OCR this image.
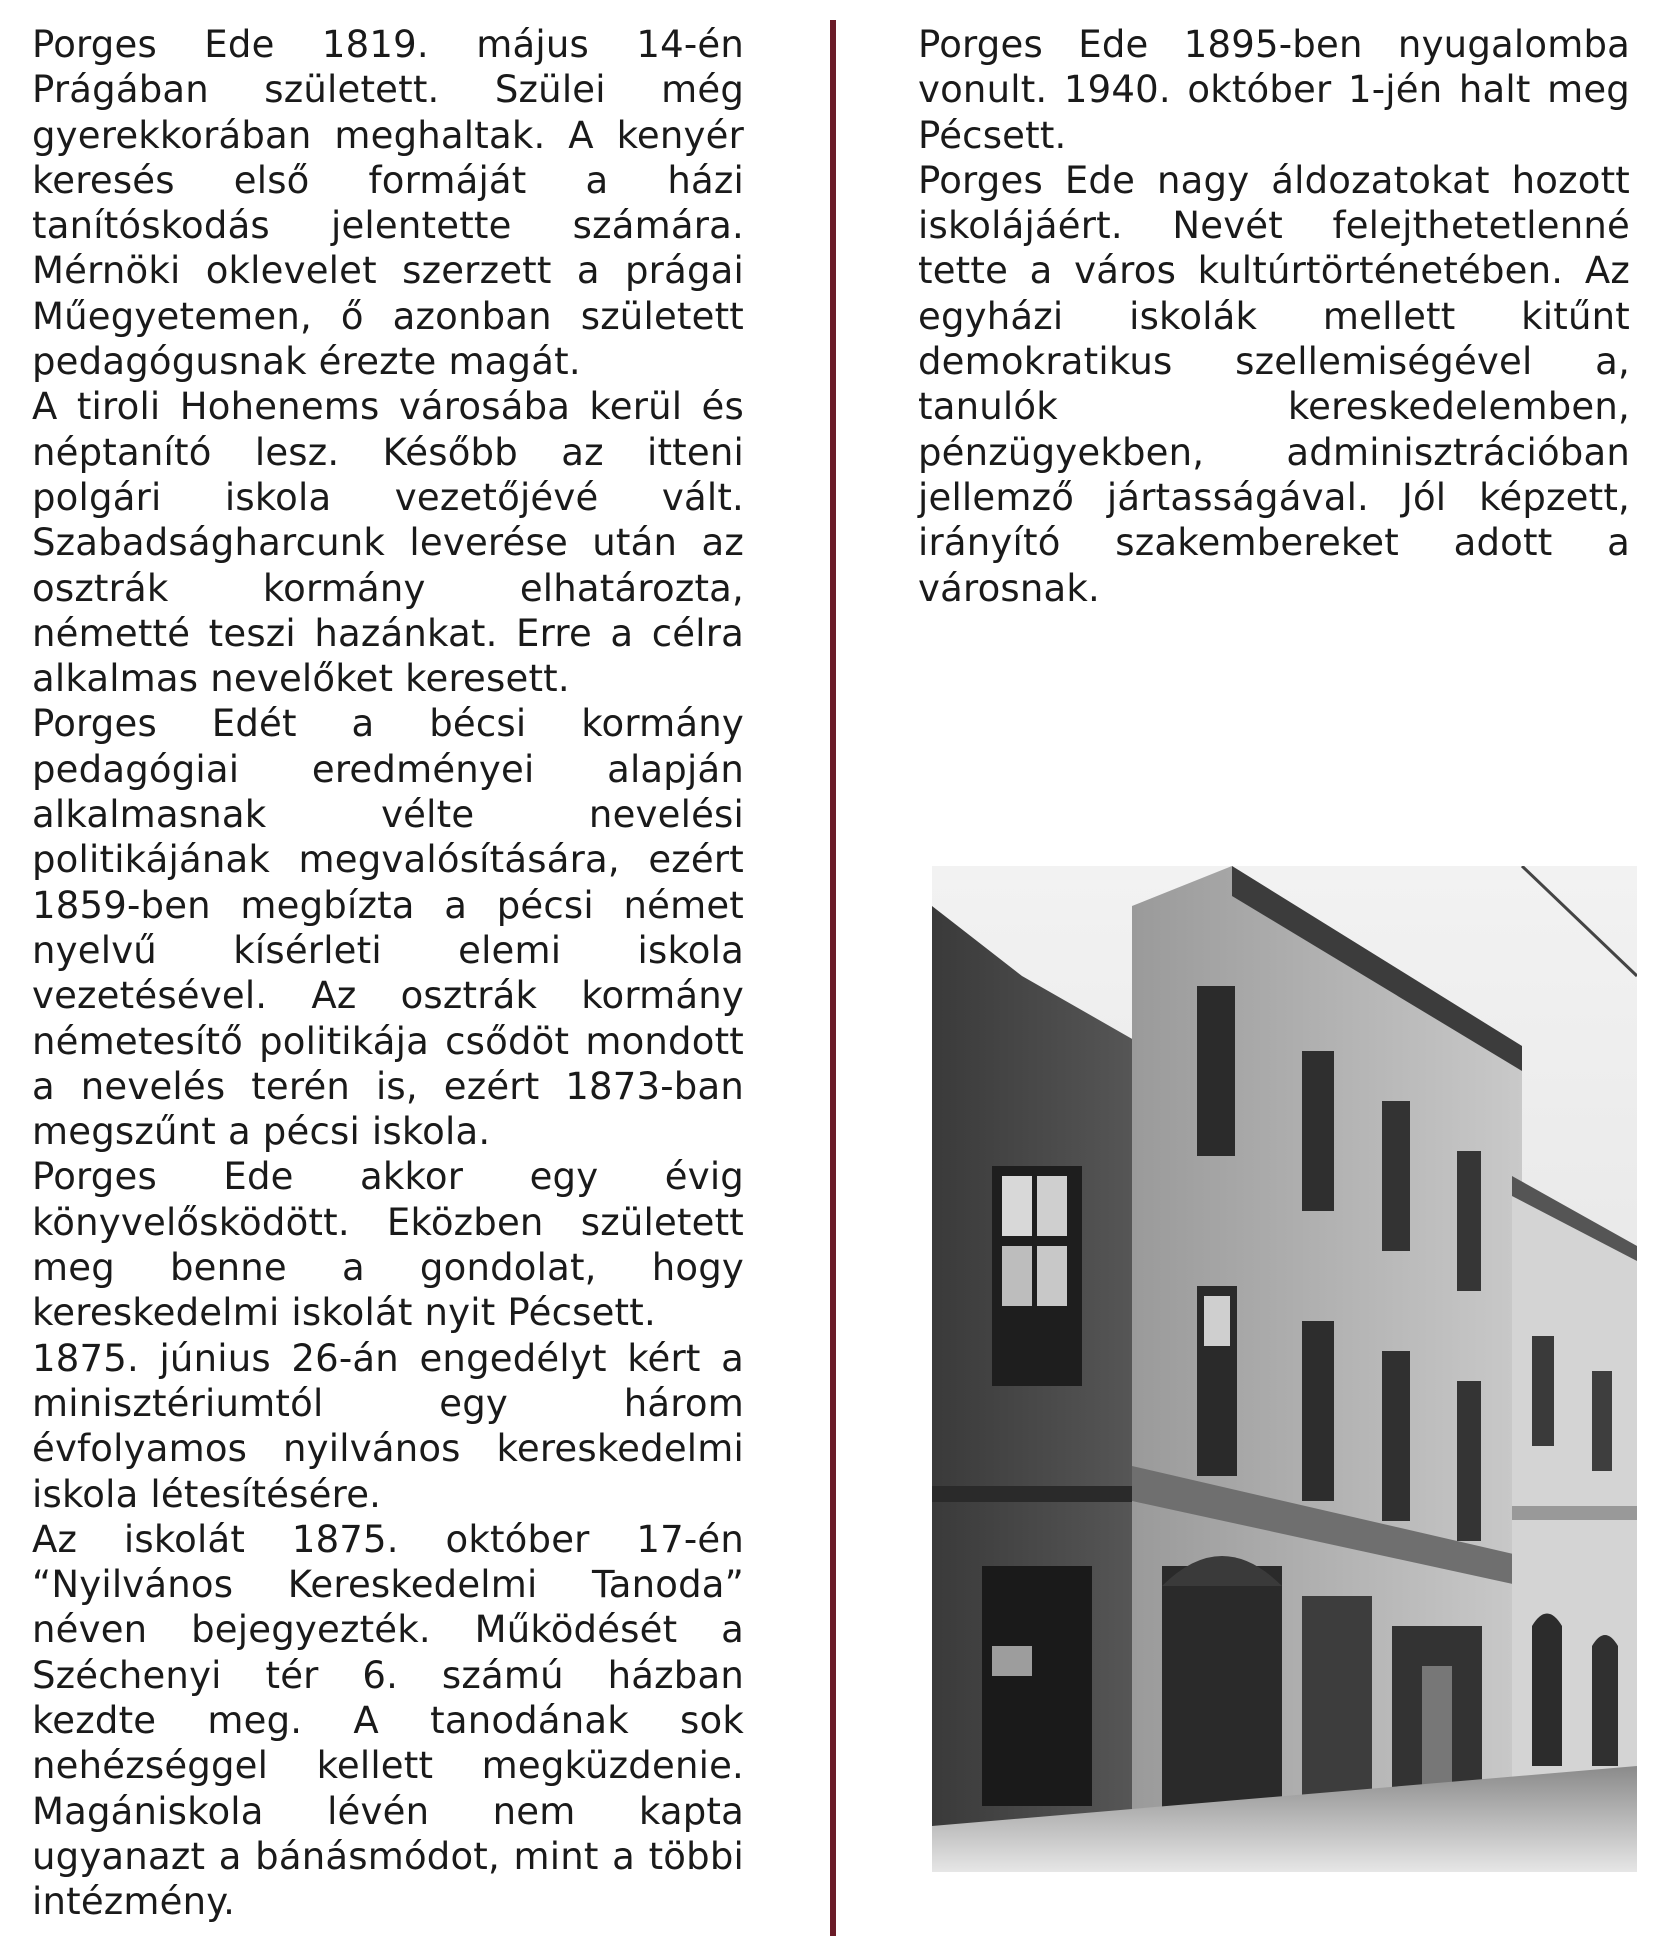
Porges Ede 1819. május 14-én Prágában született. Szülei még gyerekkorában meghaltak. A kenyér keresés első formáját a házi tanítóskodás jelentette számára. Mérnöki oklevelet szerzett a prágai Műegyetemen, ő azonban született pedagógusnak érezte magát.

A tiroli Hohenems városába kerül és néptanító lesz. Később az itteni polgári iskola vezetőjévé vált. Szabadságharcunk leverése után az osztrák kormány elhatározta, németté teszi hazánkat. Erre a célra alkalmas nevelőket keresett.

Porges Edét a bécsi kormány pedagógiai eredményei alapján alkalmasnak vélte nevelési politikájának megvalósítására, ezért 1859-ben megbízta a pécsi német nyelvű kísérleti elemi iskola vezetésével. Az osztrák kormány németesítő politikája csődöt mondott a nevelés terén is, ezért 1873-ban megszűnt a pécsi iskola.

Porges Ede akkor egy évig könyvelősködött. Eközben született meg benne a gondolat, hogy kereskedelmi iskolát nyit Pécsett.

1875. június 26-án engedélyt kért a minisztériumtól egy három évfolyamos nyilvános kereskedelmi iskola létesítésére.

Az iskolát 1875. október 17-én “Nyilvános Kereskedelmi Tanoda” néven bejegyezték. Működését a Széchenyi tér 6. számú házban kezdte meg. A tanodának sok nehézséggel kellett megküzdenie. Magániskola lévén nem kapta ugyanazt a bánásmódot, mint a többi intézmény.

Porges Ede 1895-ben nyugalomba vonult. 1940. október 1-jén halt meg Pécsett.

Porges Ede nagy áldozatokat hozott iskolájáért. Nevét felejthetetlenné tette a város kultúrtörténetében. Az egyházi iskolák mellett kitűnt demokratikus szellemiségével a, tanulók kereskedelemben, pénzügyekben, adminisztrációban jellemző jártasságával. Jól képzett, irányító szakembereket adott a városnak.
